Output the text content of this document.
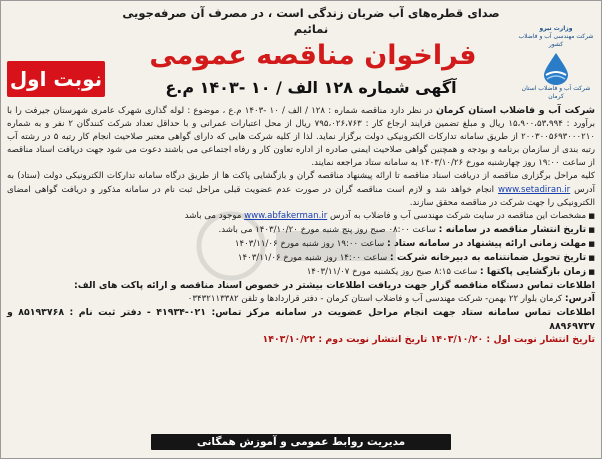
صدای قطره‌های آب ضربان زندگی است ، در مصرف آن صرفه‌جویی نمائیم	وزارت نیرو
شرکت مهندسی آب و فاضلاب کشور
شرکت آب و فاضلاب استان کرمان
فراخوان مناقصه عمومی
آگهی شماره ۱۲۸ الف / ۱۰ -۱۴۰۳ م.ع
نوبت اول

شرکت آب و فاضلاب استان کرمان در نظر دارد مناقصه شماره : ۱۲۸ / الف / ۱۰ -۱۴۰۳ م.ع ، موضوع : لوله گذاری شهرک عامری شهرستان جیرفت را با برآورد : ۱۵،۹۰۰،۵۳،۹۹۴ ریال و مبلغ تضمین فرایند ارجاع کار : ۷۹۵،۰۲۶،۷۶۳ ریال از محل اعتبارات عمرانی و با حداقل تعداد شرکت کنندگان ۲ نفر و به شماره ۲۰۰۳۰۰۵۶۹۳۰۰۰۲۱۰ از طریق سامانه تدارکات الکترونیکی دولت برگزار نماید. لذا از کلیه شرکت هایی که دارای گواهی معتبر صلاحیت انجام کار رتبه ۵ در رشته آب رتبه بندی از سازمان برنامه و بودجه و همچنین گواهی صلاحیت ایمنی صادره از اداره تعاون کار و رفاه اجتماعی می باشند دعوت می شود جهت دریافت اسناد مناقصه از ساعت ۱۹:۰۰ روز چهارشنبه مورخ ۱۴۰۳/۱۰/۲۶ به سامانه ستاد مراجعه نمایند.

کلیه مراحل برگزاری مناقصه از دریافت اسناد مناقصه تا ارائه پیشنهاد مناقصه گران و بازگشایی پاکت ها از طریق درگاه سامانه تدارکات الکترونیکی دولت (ستاد) به آدرس www.setadiran.ir انجام خواهد شد و لازم است مناقصه گران در صورت عدم عضویت قبلی مراحل ثبت نام در سامانه مذکور و دریافت گواهی امضای الکترونیکی را جهت شرکت در مناقصه محقق سازند.

■ مشخصات این مناقصه در سایت شرکت مهندسی آب و فاضلاب به آدرس www.abfakerman.ir موجود می باشد

■ تاریخ انتشار مناقصه در سامانه : ساعت ۰۸:۰۰ صبح روز پنج شنبه مورخ ۱۴۰۳/۱۰/۲۰ می باشد.

■ مهلت زمانی ارائه پیشنهاد در سامانه ستاد : ساعت ۱۹:۰۰ روز شنبه مورخ ۱۴۰۳/۱۱/۰۶

■ تاریخ تحویل ضمانتنامه به دبیرخانه شرکت : ساعت ۱۴:۰۰ روز شنبه مورخ ۱۴۰۳/۱۱/۰۶

■ زمان بازگشایی پاکتها : ساعت ۸:۱۵ صبح روز یکشنبه مورخ ۱۴۰۳/۱۱/۰۷

اطلاعات تماس دستگاه مناقصه گزار جهت دریافت اطلاعات بیشتر در خصوص اسناد مناقصه و ارائه پاکت های الف:

آدرس: کرمان بلوار ۲۲ بهمن- شرکت مهندسی آب و فاضلاب استان کرمان - دفتر قراردادها و تلفن ۰۳۴۳۲۱۱۳۳۸۲

اطلاعات تماس سامانه ستاد جهت انجام مراحل عضویت در سامانه مرکز تماس: ۰۲۱-۴۱۹۳۴ - دفتر ثبت نام : ۸۵۱۹۳۷۶۸ و ۸۸۹۶۹۷۳۷

تاریخ انتشار نوبت اول : ۱۴۰۳/۱۰/۲۰ تاریخ انتشار نوبت دوم : ۱۴۰۳/۱۰/۲۲

مدیریت روابط عمومی و آموزش همگانی
